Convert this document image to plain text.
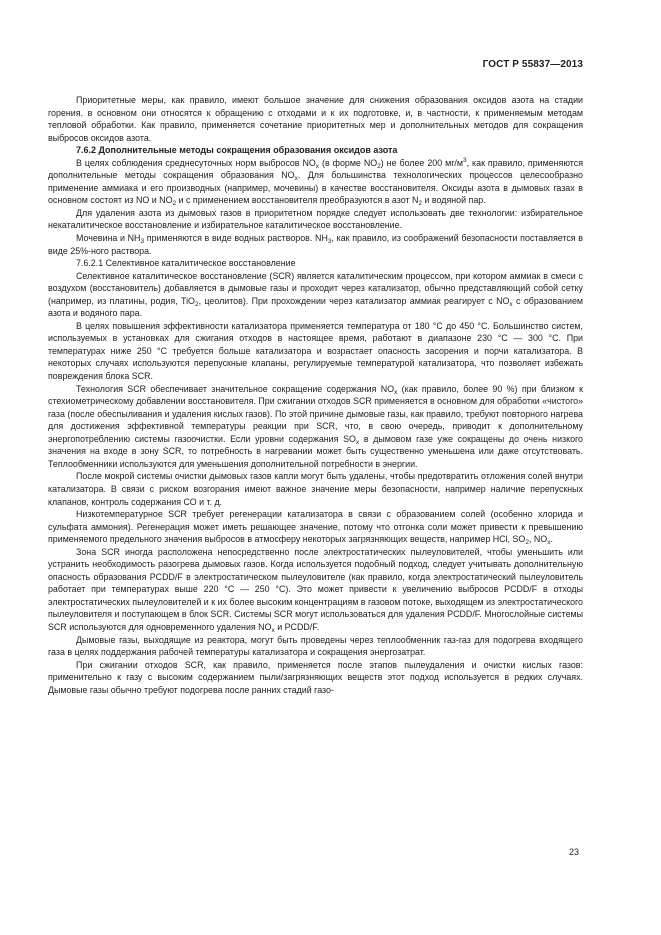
ГОСТ Р 55837—2013

Приоритетные меры, как правило, имеют большое значение для снижения образования оксидов азота на стадии горения. в основном они относятся к обращению с отходами и к их подготовке, и, в частности, к применяемым методам тепловой обработки. Как правило, применяется сочетание приоритетных мер и дополнительных методов для сокращения выбросов оксидов азота.

7.6.2 Дополнительные методы сокращения образования оксидов азота

В целях соблюдения среднесуточных норм выбросов $NO_x$ (в форме $NO_2$) не более 200 $мг/м^3$, как правило, применяются дополнительные методы сокращения образования $NO_x$. Для большинства технологических процессов целесообразно применение аммиака и его производных (например, мочевины) в качестве восстановителя. Оксиды азота в дымовых газах в основном состоят из NO и $NO_2$ и с применением восстановителя преобразуются в азот $N_2$ и водяной пар.

Для удаления азота из дымовых газов в приоритетном порядке следует использовать две технологии: избирательное некаталитическое восстановление и избирательное каталитическое восстановление.

Мочевина и $NH_3$ применяются в виде водных растворов. $NH_3$, как правило, из соображений безопасности поставляется в виде 25%-ного раствора.

7.6.2.1 Селективное каталитическое восстановление

Селективное каталитическое восстановление (SCR) является каталитическим процессом, при котором аммиак в смеси с воздухом (восстановитель) добавляется в дымовые газы и проходит через катализатор, обычно представляющий собой сетку (например, из платины, родия, TiO$_2$, цеолитов). При прохождении через катализатор аммиак реагирует с $NO_x$ с образованием азота и водяного пара.

В целях повышения эффективности катализатора применяется температура от 180 °С до 450 °С. Большинство систем, используемых в установках для сжигания отходов в настоящее время, работают в диапазоне 230 °С — 300 °С. При температурах ниже 250 °С требуется больше катализатора и возрастает опасность засорения и порчи катализатора. В некоторых случаях используются перепускные клапаны, регулируемые температурой катализатора, что позволяет избежать повреждения блока SCR.

Технология SCR обеспечивает значительное сокращение содержания $NO_x$ (как правило, более 90 %) при близком к стехиометрическому добавлении восстановителя. При сжигании отходов SCR применяется в основном для обработки «чистого» газа (после обеспыливания и удаления кислых газов). По этой причине дымовые газы, как правило, требуют повторного нагрева для достижения эффективной температуры реакции при SCR, что, в свою очередь, приводит к дополнительному энергопотреблению системы газоочистки. Если уровни содержания $SO_x$ в дымовом газе уже сокращены до очень низкого значения на входе в зону SCR, то потребность в нагревании может быть существенно уменьшена или даже отсутствовать. Теплообменники используются для уменьшения дополнительной потребности в энергии.

После мокрой системы очистки дымовых газов капли могут быть удалены, чтобы предотвратить отложения солей внутри катализатора. В связи с риском возгорания имеют важное значение меры безопасности, например наличие перепускных клапанов, контроль содержания СО и т. д.

Низкотемпературное SCR требует регенерации катализатора в связи с образованием солей (особенно хлорида и сульфата аммония). Регенерация может иметь решающее значение, потому что отгонка соли может привести к превышению применяемого предельного значения выбросов в атмосферу некоторых загрязняющих веществ, например HCl, $SO_2$, $NO_x$.

Зона SCR иногда расположена непосредственно после электростатических пылеуловителей, чтобы уменьшить или устранить необходимость разогрева дымовых газов. Когда используется подобный подход, следует учитывать дополнительную опасность образования PCDD/F в электростатическом пылеуловителе (как правило, когда электростатический пылеуловитель работает при температурах выше 220 °С — 250 °С). Это может привести к увеличению выбросов PCDD/F в отходы электростатических пылеуловителей и к их более высоким концентрациям в газовом потоке, выходящем из электростатического пылеуловителя и поступающем в блок SCR. Системы SCR могут использоваться для удаления PCDD/F. Многослойные системы SCR используются для одновременного удаления $NO_x$ и PCDD/F.

Дымовые газы, выходящие из реактора, могут быть проведены через теплообменник газ-газ для подогрева входящего газа в целях поддержания рабочей температуры катализатора и сокращения энергозатрат.

При сжигании отходов SCR, как правило, применяется после этапов пылеудаления и очистки кислых газов: применительно к газу с высоким содержанием пыли/загрязняющих веществ этот подход используется в редких случаях. Дымовые газы обычно требуют подогрева после ранних стадий газо-

23
